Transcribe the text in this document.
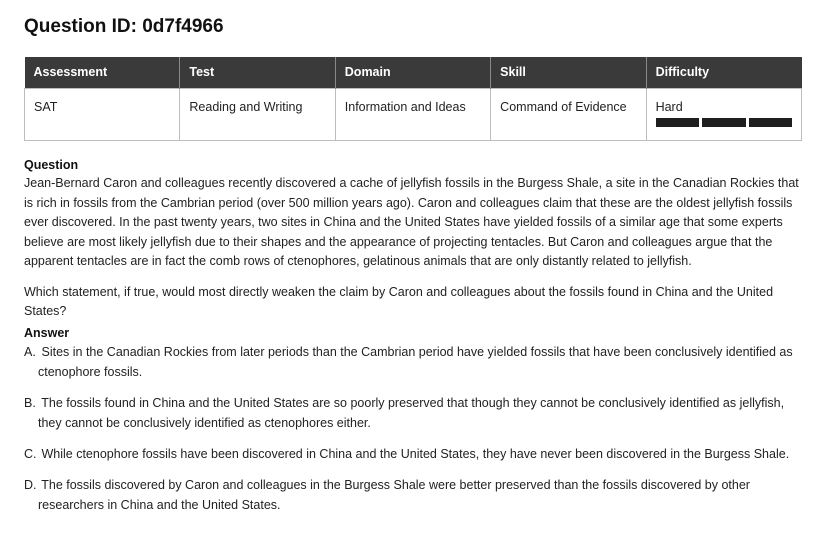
Question ID: 0d7f4966
Assessment	Test	Domain	Skill	Difficulty
SAT	Reading and Writing	Information and Ideas	Command of Evidence	Hard
Question

Jean-Bernard Caron and colleagues recently discovered a cache of jellyfish fossils in the Burgess Shale, a site in the Canadian Rockies that is rich in fossils from the Cambrian period (over 500 million years ago). Caron and colleagues claim that these are the oldest jellyfish fossils ever discovered. In the past twenty years, two sites in China and the United States have yielded fossils of a similar age that some experts believe are most likely jellyfish due to their shapes and the appearance of projecting tentacles. But Caron and colleagues argue that the apparent tentacles are in fact the comb rows of ctenophores, gelatinous animals that are only distantly related to jellyfish.

Which statement, if true, would most directly weaken the claim by Caron and colleagues about the fossils found in China and the United States?

Answer
A. Sites in the Canadian Rockies from later periods than the Cambrian period have yielded fossils that have been conclusively identified as ctenophore fossils.
B. The fossils found in China and the United States are so poorly preserved that though they cannot be conclusively identified as jellyfish, they cannot be conclusively identified as ctenophores either.
C. While ctenophore fossils have been discovered in China and the United States, they have never been discovered in the Burgess Shale.
D. The fossils discovered by Caron and colleagues in the Burgess Shale were better preserved than the fossils discovered by other researchers in China and the United States.
